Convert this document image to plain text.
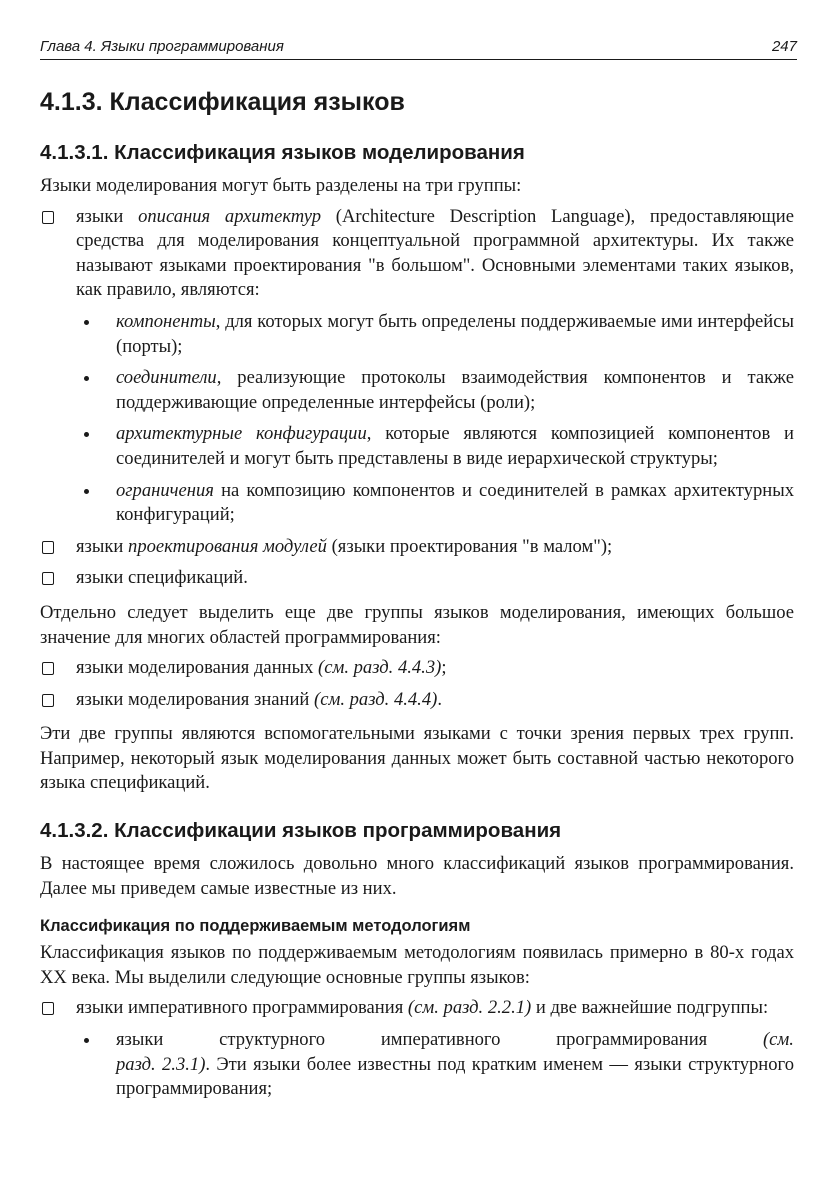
Глава 4. Языки программирования	247
4.1.3. Классификация языков
4.1.3.1. Классификация языков моделирования
Языки моделирования могут быть разделены на три группы:
языки описания архитектур (Architecture Description Language), предоставляющие средства для моделирования концептуальной программной архитектуры. Их также называют языками проектирования "в большом". Основными элементами таких языков, как правило, являются:
компоненты, для которых могут быть определены поддерживаемые ими интерфейсы (порты);
соединители, реализующие протоколы взаимодействия компонентов и также поддерживающие определенные интерфейсы (роли);
архитектурные конфигурации, которые являются композицией компонентов и соединителей и могут быть представлены в виде иерархической структуры;
ограничения на композицию компонентов и соединителей в рамках архитектурных конфигураций;
языки проектирования модулей (языки проектирования "в малом");
языки спецификаций.
Отдельно следует выделить еще две группы языков моделирования, имеющих большое значение для многих областей программирования:
языки моделирования данных (см. разд. 4.4.3);
языки моделирования знаний (см. разд. 4.4.4).
Эти две группы являются вспомогательными языками с точки зрения первых трех групп. Например, некоторый язык моделирования данных может быть составной частью некоторого языка спецификаций.
4.1.3.2. Классификации языков программирования
В настоящее время сложилось довольно много классификаций языков программирования. Далее мы приведем самые известные из них.
Классификация по поддерживаемым методологиям
Классификация языков по поддерживаемым методологиям появилась примерно в 80-х годах XX века. Мы выделили следующие основные группы языков:
языки императивного программирования (см. разд. 2.2.1) и две важнейшие подгруппы:
языки	структурного	императивного	программирования	(см.
разд. 2.3.1). Эти языки более известны под кратким именем — языки структурного программирования;
